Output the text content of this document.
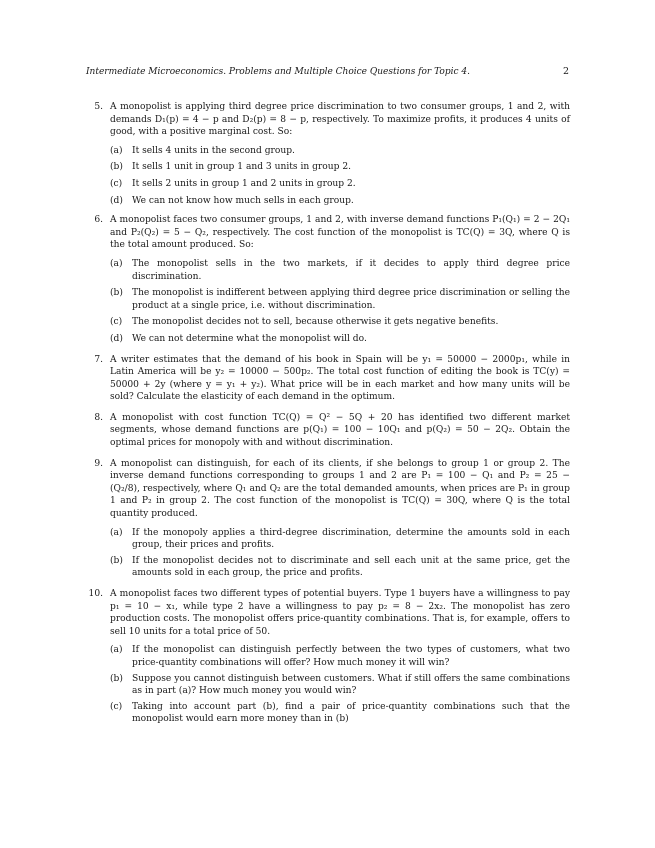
Intermediate Microeconomics. Problems and Multiple Choice Questions for Topic 4.	2
5. A monopolist is applying third degree price discrimination to two consumer groups, 1 and 2, with demands D₁(p) = 4 − p and D₂(p) = 8 − p, respectively. To maximize profits, it produces 4 units of good, with a positive marginal cost. So:
(a) It sells 4 units in the second group.
(b) It sells 1 unit in group 1 and 3 units in group 2.
(c) It sells 2 units in group 1 and 2 units in group 2.
(d) We can not know how much sells in each group.
6. A monopolist faces two consumer groups, 1 and 2, with inverse demand functions P₁(Q₁) = 2 − 2Q₁ and P₂(Q₂) = 5 − Q₂, respectively. The cost function of the monopolist is TC(Q) = 3Q, where Q is the total amount produced. So:
(a) The monopolist sells in the two markets, if it decides to apply third degree price discrimination.
(b) The monopolist is indifferent between applying third degree price discrimination or selling the product at a single price, i.e. without discrimination.
(c) The monopolist decides not to sell, because otherwise it gets negative benefits.
(d) We can not determine what the monopolist will do.
7. A writer estimates that the demand of his book in Spain will be y₁ = 50000 − 2000p₁, while in Latin America will be y₂ = 10000 − 500p₂. The total cost function of editing the book is TC(y) = 50000 + 2y (where y = y₁ + y₂). What price will be in each market and how many units will be sold? Calculate the elasticity of each demand in the optimum.
8. A monopolist with cost function TC(Q) = Q² − 5Q + 20 has identified two different market segments, whose demand functions are p(Q₁) = 100 − 10Q₁ and p(Q₂) = 50 − 2Q₂. Obtain the optimal prices for monopoly with and without discrimination.
9. A monopolist can distinguish, for each of its clients, if she belongs to group 1 or group 2. The inverse demand functions corresponding to groups 1 and 2 are P₁ = 100 − Q₁ and P₂ = 25 − (Q₂/8), respectively, where Q₁ and Q₂ are the total demanded amounts, when prices are P₁ in group 1 and P₂ in group 2. The cost function of the monopolist is TC(Q) = 30Q, where Q is the total quantity produced.
(a) If the monopoly applies a third-degree discrimination, determine the amounts sold in each group, their prices and profits.
(b) If the monopolist decides not to discriminate and sell each unit at the same price, get the amounts sold in each group, the price and profits.
10. A monopolist faces two different types of potential buyers. Type 1 buyers have a willingness to pay p₁ = 10 − x₁, while type 2 have a willingness to pay p₂ = 8 − 2x₂. The monopolist has zero production costs. The monopolist offers price-quantity combinations. That is, for example, offers to sell 10 units for a total price of 50.
(a) If the monopolist can distinguish perfectly between the two types of customers, what two price-quantity combinations will offer? How much money it will win?
(b) Suppose you cannot distinguish between customers. What if still offers the same combinations as in part (a)? How much money you would win?
(c) Taking into account part (b), find a pair of price-quantity combinations such that the monopolist would earn more money than in (b)
